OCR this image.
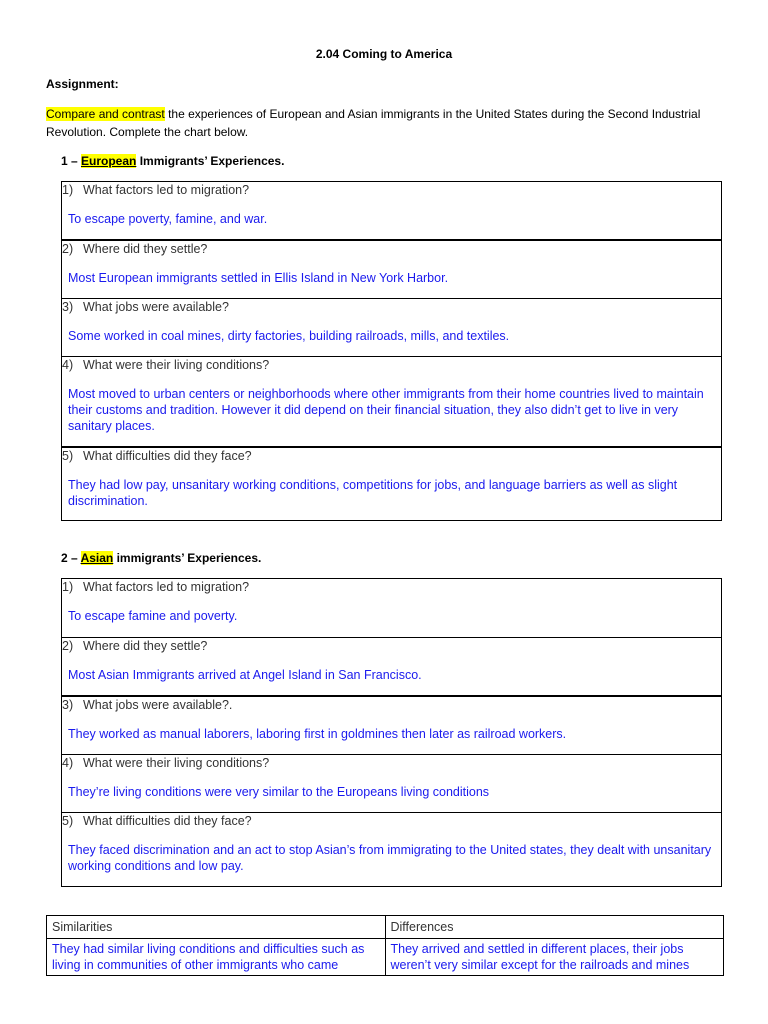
2.04 Coming to America
Assignment:
Compare and contrast the experiences of European and Asian immigrants in the United States during the Second Industrial Revolution. Complete the chart below.
1 – European Immigrants’ Experiences.
1) What factors led to migration?
To escape poverty, famine, and war.
2) Where did they settle?
Most European immigrants settled in Ellis Island in New York Harbor.
3) What jobs were available?
Some worked in coal mines, dirty factories, building railroads, mills, and textiles.
4) What were their living conditions?
Most moved to urban centers or neighborhoods where other immigrants from their home countries lived to maintain their customs and tradition. However it did depend on their financial situation, they also didn’t get to live in very sanitary places.
5) What difficulties did they face?
They had low pay, unsanitary working conditions, competitions for jobs, and language barriers as well as slight discrimination.
2 – Asian immigrants’ Experiences.
1) What factors led to migration?
To escape famine and poverty.
2) Where did they settle?
Most Asian Immigrants arrived at Angel Island in San Francisco.
3) What jobs were available?.
They worked as manual laborers, laboring first in goldmines then later as railroad workers.
4) What were their living conditions?
They’re living conditions were very similar to the Europeans living conditions
5) What difficulties did they face?
They faced discrimination and an act to stop Asian’s from immigrating to the United states, they dealt with unsanitary working conditions and low pay.
Similarities	Differences
They had similar living conditions and difficulties such as living in communities of other immigrants who came	They arrived and settled in different places, their jobs weren’t very similar except for the railroads and mines
